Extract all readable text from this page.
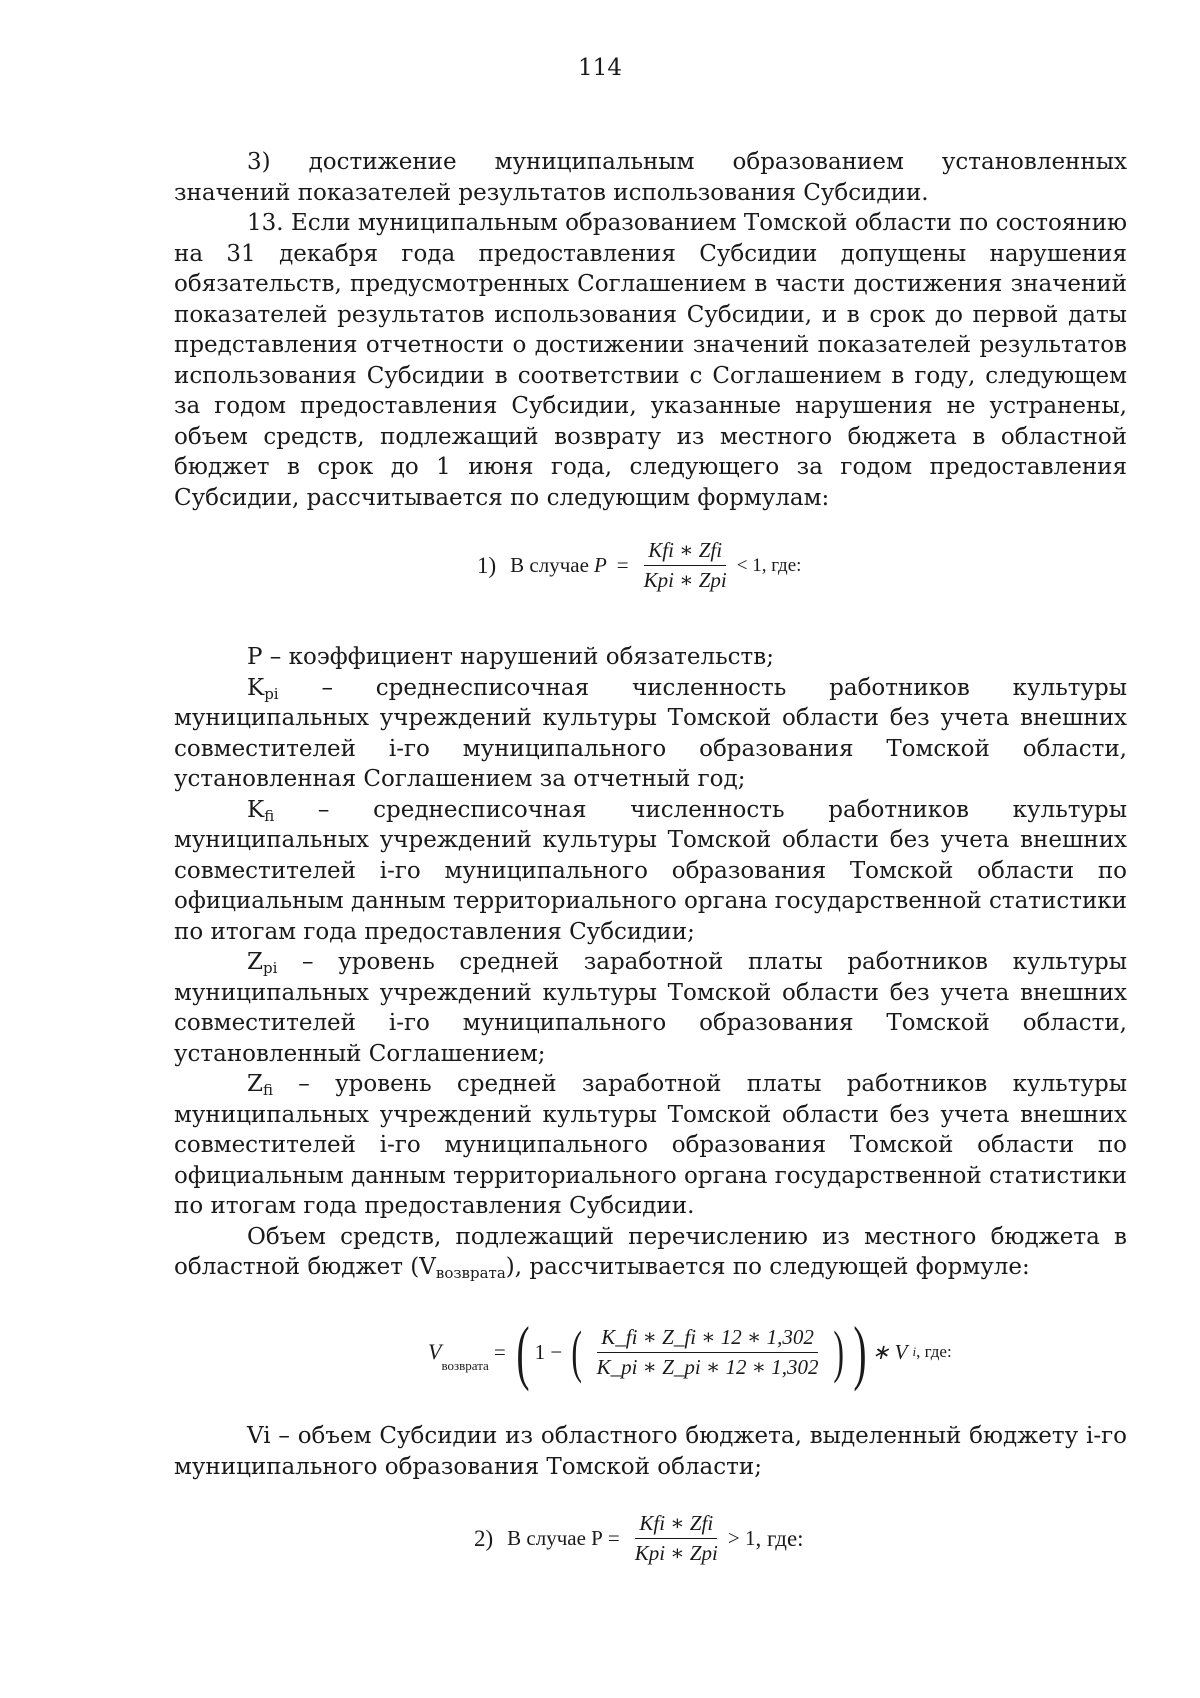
114

3) достижение муниципальным образованием установленных значений показателей результатов использования Субсидии.

13. Если муниципальным образованием Томской области по состоянию на 31 декабря года предоставления Субсидии допущены нарушения обязательств, предусмотренных Соглашением в части достижения значений показателей результатов использования Субсидии, и в срок до первой даты представления отчетности о достижении значений показателей результатов использования Субсидии в соответствии с Соглашением в году, следующем за годом предоставления Субсидии, указанные нарушения не устранены, объем средств, подлежащий возврату из местного бюджета в областной бюджет в срок до 1 июня года, следующего за годом предоставления Субсидии, рассчитывается по следующим формулам:

1) В случае $P = \frac{\text{Kfi ∗ Zfi}}{\text{Kpi ∗ Zpi}} < 1$, где:

P – коэффициент нарушений обязательств;

$K_{pi}$ – среднесписочная численность работников культуры муниципальных учреждений культуры Томской области без учета внешних совместителей i-го муниципального образования Томской области, установленная Соглашением за отчетный год;

$K_{fi}$ – среднесписочная численность работников культуры муниципальных учреждений культуры Томской области без учета внешних совместителей i-го муниципального образования Томской области по официальным данным территориального органа государственной статистики по итогам года предоставления Субсидии;

$Z_{pi}$ – уровень средней заработной платы работников культуры муниципальных учреждений культуры Томской области без учета внешних совместителей i-го муниципального образования Томской области, установленный Соглашением;

$Z_{fi}$ – уровень средней заработной платы работников культуры муниципальных учреждений культуры Томской области без учета внешних совместителей i-го муниципального образования Томской области по официальным данным территориального органа государственной статистики по итогам года предоставления Субсидии.

Объем средств, подлежащий перечислению из местного бюджета в областной бюджет $(V_{возврата})$, рассчитывается по следующей формуле:

V
возврата
= ( 1 − ( $\frac{K\_fi ∗ Z\_fi ∗ 12 ∗ 1,302}{K\_pi ∗ Z\_pi ∗ 12 ∗ 1,302}$ ) ) ∗ V i , где:

Vi – объем Субсидии из областного бюджета, выделенный бюджету i-го муниципального образования Томской области;

2) В случае $P = \frac{\text{Kfi ∗ Zfi}}{\text{Kpi ∗ Zpi}} > 1$ , где:
